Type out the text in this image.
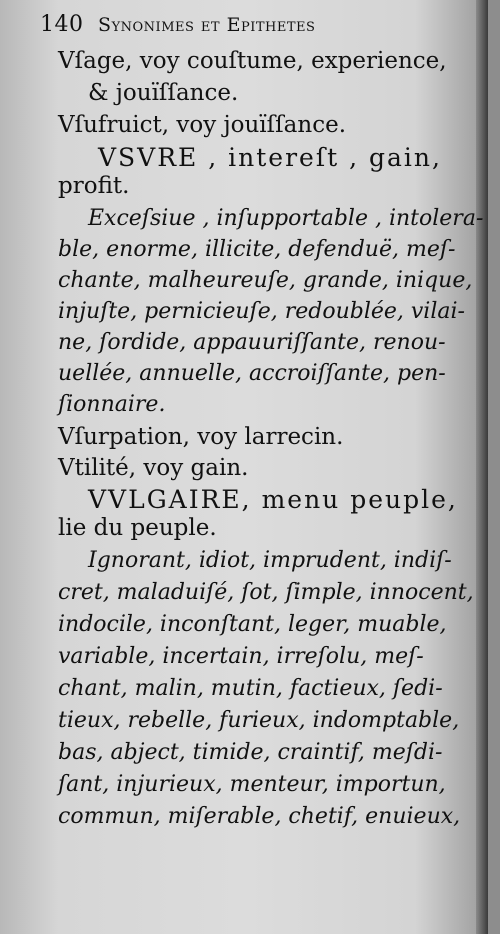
140 Synonimes et Epithetes
Vſage, voy couſtume, experience,
& jouïſſance.
Vſufruict, voy jouïſſance.
VSVRE , intereſt , gain,
profit.
Exceſsiue , inſupportable , intolera-
ble, enorme, illicite, defenduë, meſ-
chante, malheureuſe, grande, inique,
injuſte, pernicieuſe, redoublée, vilai-
ne, ſordide, appauuriſſante, renou-
uellée, annuelle, accroiſſante, pen-
ſionnaire.
Vſurpation, voy larrecin.
Vtilité, voy gain.
VVLGAIRE, menu peuple,
lie du peuple.
Ignorant, idiot, imprudent, indiſ-
cret, maladuiſé, ſot, ſimple, innocent,
indocile, inconſtant, leger, muable,
variable, incertain, irreſolu, meſ-
chant, malin, mutin, factieux, ſedi-
tieux, rebelle, furieux, indomptable,
bas, abject, timide, craintif, meſdi-
ſant, injurieux, menteur, importun,
commun, miſerable, chetif, enuieux,
